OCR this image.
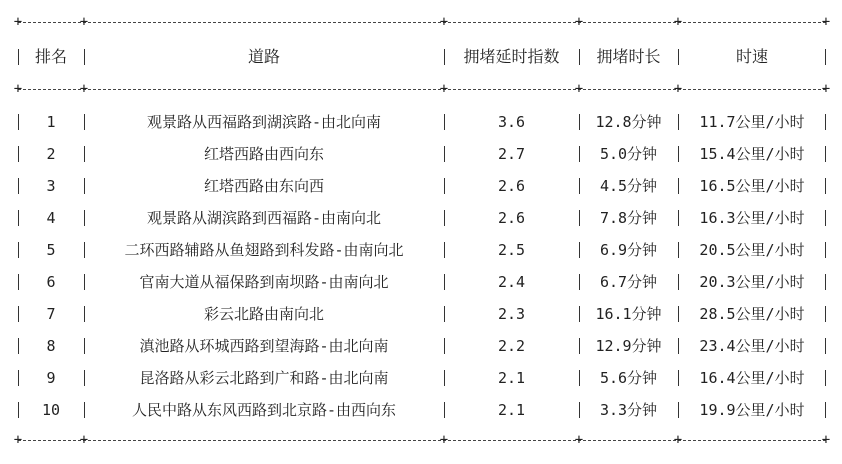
+	+	+	+	+	+
排名	道路	拥堵延时指数	拥堵时长	时速
+	+	+	+	+	+
1	观景路从西福路到湖滨路-由北向南	3.6	12.8分钟	11.7公里/小时
2	红塔西路由西向东	2.7	5.0分钟	15.4公里/小时
3	红塔西路由东向西	2.6	4.5分钟	16.5公里/小时
4	观景路从湖滨路到西福路-由南向北	2.6	7.8分钟	16.3公里/小时
5	二环西路辅路从鱼翅路到科发路-由南向北	2.5	6.9分钟	20.5公里/小时
6	官南大道从福保路到南坝路-由南向北	2.4	6.7分钟	20.3公里/小时
7	彩云北路由南向北	2.3	16.1分钟	28.5公里/小时
8	滇池路从环城西路到望海路-由北向南	2.2	12.9分钟	23.4公里/小时
9	昆洛路从彩云北路到广和路-由北向南	2.1	5.6分钟	16.4公里/小时
10	人民中路从东风西路到北京路-由西向东	2.1	3.3分钟	19.9公里/小时
+	+	+	+	+	+
